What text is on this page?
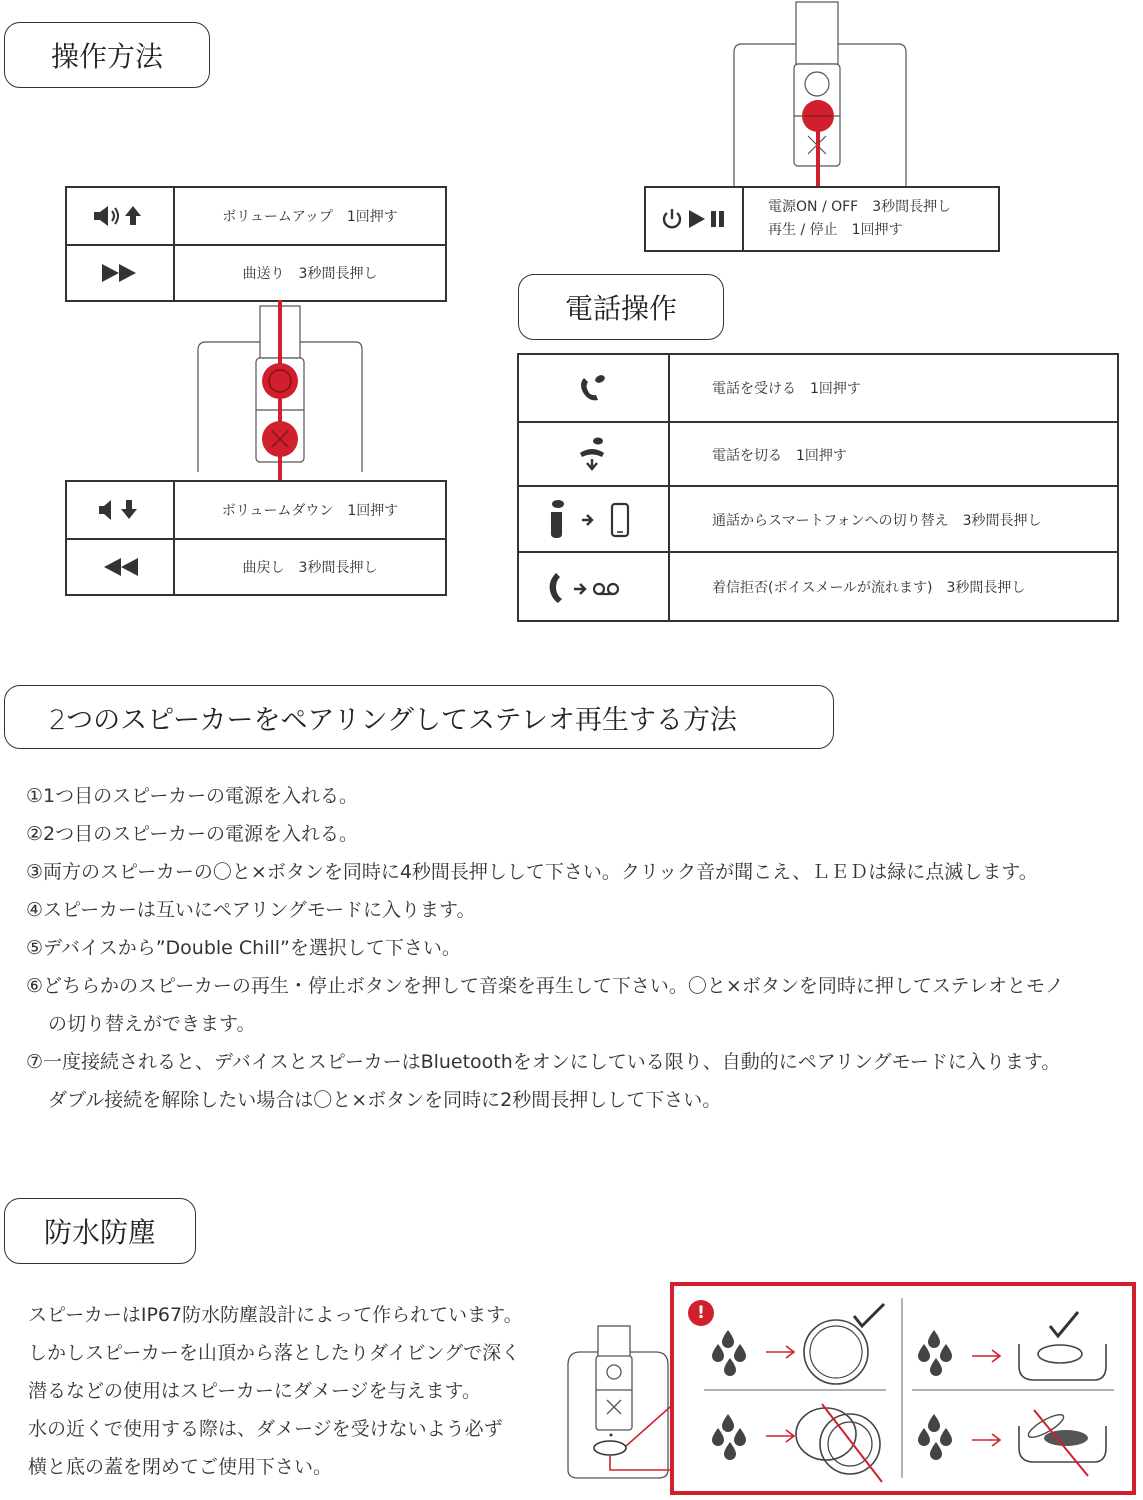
操作方法
ボリュームアップ　1回押す
曲送り　3秒間長押し
ボリュームダウン　1回押す
曲戻し　3秒間長押し
電源ON / OFF　3秒間長押し
再生 / 停止　1回押す
電話操作
電話を受ける　1回押す
電話を切る　1回押す
通話からスマートフォンへの切り替え　3秒間長押し
着信拒否(ボイスメールが流れます)　3秒間長押し
2つのスピーカーをペアリングしてステレオ再生する方法
①1つ目のスピーカーの電源を入れる。
②2つ目のスピーカーの電源を入れる。
③両方のスピーカーの〇と×ボタンを同時に4秒間長押しして下さい。クリック音が聞こえ、ＬＥＤは緑に点滅します。
④スピーカーは互いにペアリングモードに入ります。
⑤デバイスから”Double Chill”を選択して下さい。
⑥どちらかのスピーカーの再生・停止ボタンを押して音楽を再生して下さい。〇と×ボタンを同時に押してステレオとモノ
の切り替えができます。
⑦一度接続されると、デバイスとスピーカーはBluetoothをオンにしている限り、自動的にペアリングモードに入ります。
ダブル接続を解除したい場合は〇と×ボタンを同時に2秒間長押しして下さい。
防水防塵
スピーカーはIP67防水防塵設計によって作られています。
しかしスピーカーを山頂から落としたりダイビングで深く
潜るなどの使用はスピーカーにダメージを与えます。
水の近くで使用する際は、ダメージを受けないよう必ず
横と底の蓋を閉めてご使用下さい。
!
